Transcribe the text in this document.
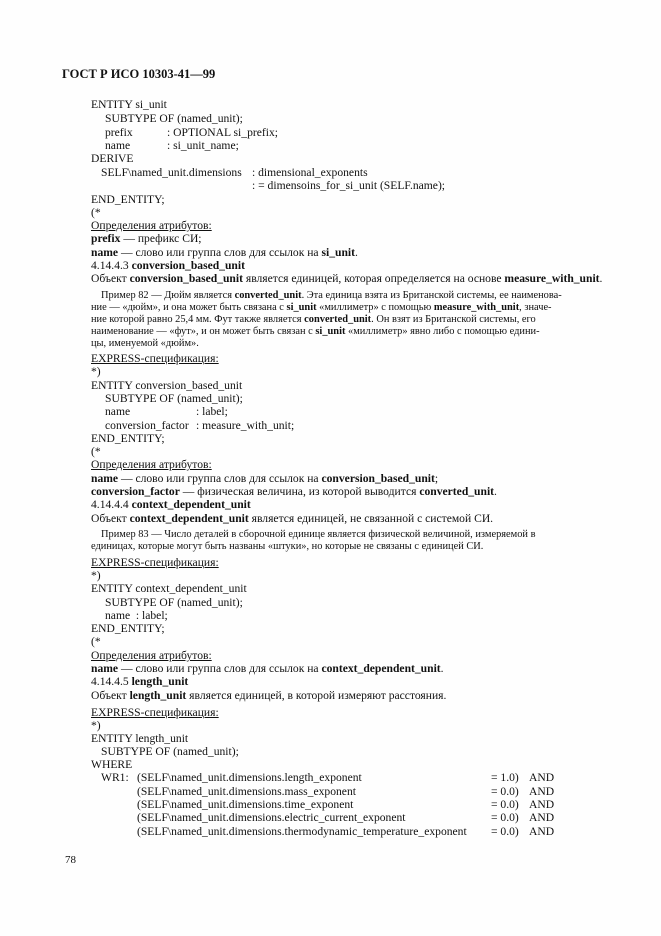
ГОСТ Р ИСО 10303-41—99
ENTITY si_unit
SUBTYPE OF (named_unit);
prefix	: OPTIONAL si_prefix;
name	: si_unit_name;
DERIVE
SELF\named_unit.dimensions : dimensional_exponents
: = dimensoins_for_si_unit (SELF.name);
END_ENTITY;
(*
Определения атрибутов:
prefix — префикс СИ;
name — слово или группа слов для ссылок на si_unit.
4.14.4.3 conversion_based_unit
Объект conversion_based_unit является единицей, которая определяется на основе measure_with_unit.
Пример 82 — Дюйм является converted_unit. Эта единица взята из Британской системы, ее наименова-
ние — «дюйм», и она может быть связана с si_unit «миллиметр» с помощью measure_with_unit, значе-
ние которой равно 25,4 мм. Фут также является converted_unit. Он взят из Британской системы, его
наименование — «фут», и он может быть связан с si_unit «миллиметр» явно либо с помощью едини-
цы, именуемой «дюйм».
EXPRESS-спецификация:
*)
ENTITY conversion_based_unit
SUBTYPE OF (named_unit);
name	: label;
conversion_factor : measure_with_unit;
END_ENTITY;
(*
Определения атрибутов:
name — слово или группа слов для ссылок на conversion_based_unit;
conversion_factor — физическая величина, из которой выводится converted_unit.
4.14.4.4 context_dependent_unit
Объект context_dependent_unit является единицей, не связанной с системой СИ.
Пример 83 — Число деталей в сборочной единице является физической величиной, измеряемой в
единицах, которые могут быть названы «штуки», но которые не связаны с единицей СИ.
EXPRESS-спецификация:
*)
ENTITY context_dependent_unit
SUBTYPE OF (named_unit);
name  : label;
END_ENTITY;
(*
Определения атрибутов:
name — слово или группа слов для ссылок на context_dependent_unit.
4.14.4.5 length_unit
Объект length_unit является единицей, в которой измеряют расстояния.
EXPRESS-спецификация:
*)
ENTITY length_unit
SUBTYPE OF (named_unit);
WHERE
WR1: (SELF\named_unit.dimensions.length_exponent	= 1.0) AND
(SELF\named_unit.dimensions.mass_exponent	= 0.0) AND
(SELF\named_unit.dimensions.time_exponent	= 0.0) AND
(SELF\named_unit.dimensions.electric_current_exponent	= 0.0) AND
(SELF\named_unit.dimensions.thermodynamic_temperature_exponent = 0.0) AND
78
